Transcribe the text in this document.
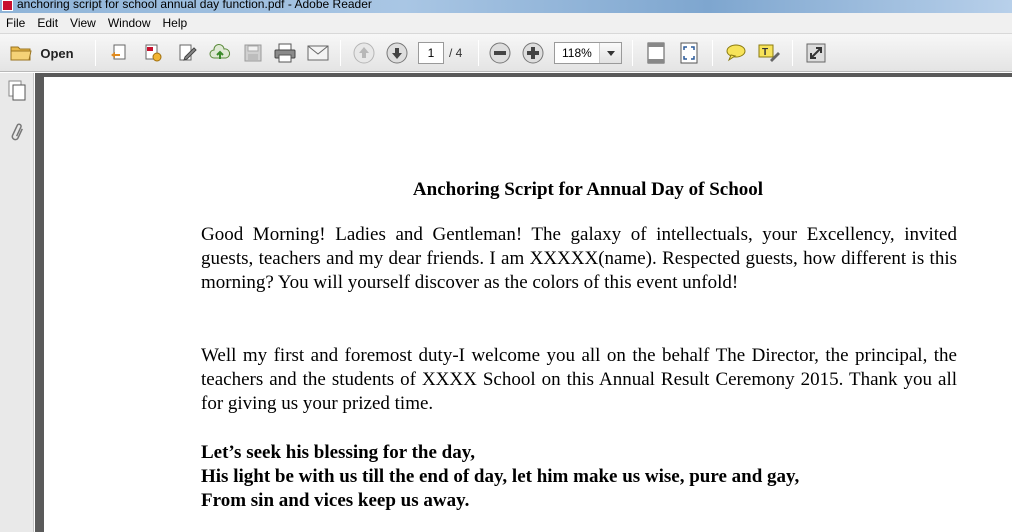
anchoring script for school annual day function.pdf - Adobe Reader
File	Edit	View	Window	Help
Open	1	/ 4	118%	T
Anchoring Script for Annual Day of School
Good Morning! Ladies and Gentleman! The galaxy of intellectuals, your Excellency, invited guests, teachers and my dear friends. I am XXXXX(name). Respected guests, how different is this morning? You will yourself discover as the colors of this event unfold!
Well my first and foremost duty-I welcome you all on the behalf The Director, the principal, the teachers and the students of XXXX School on this Annual Result Ceremony 2015. Thank you all for giving us your prized time.
Let’s seek his blessing for the day,
His light be with us till the end of day, let him make us wise, pure and gay,
From sin and vices keep us away.
